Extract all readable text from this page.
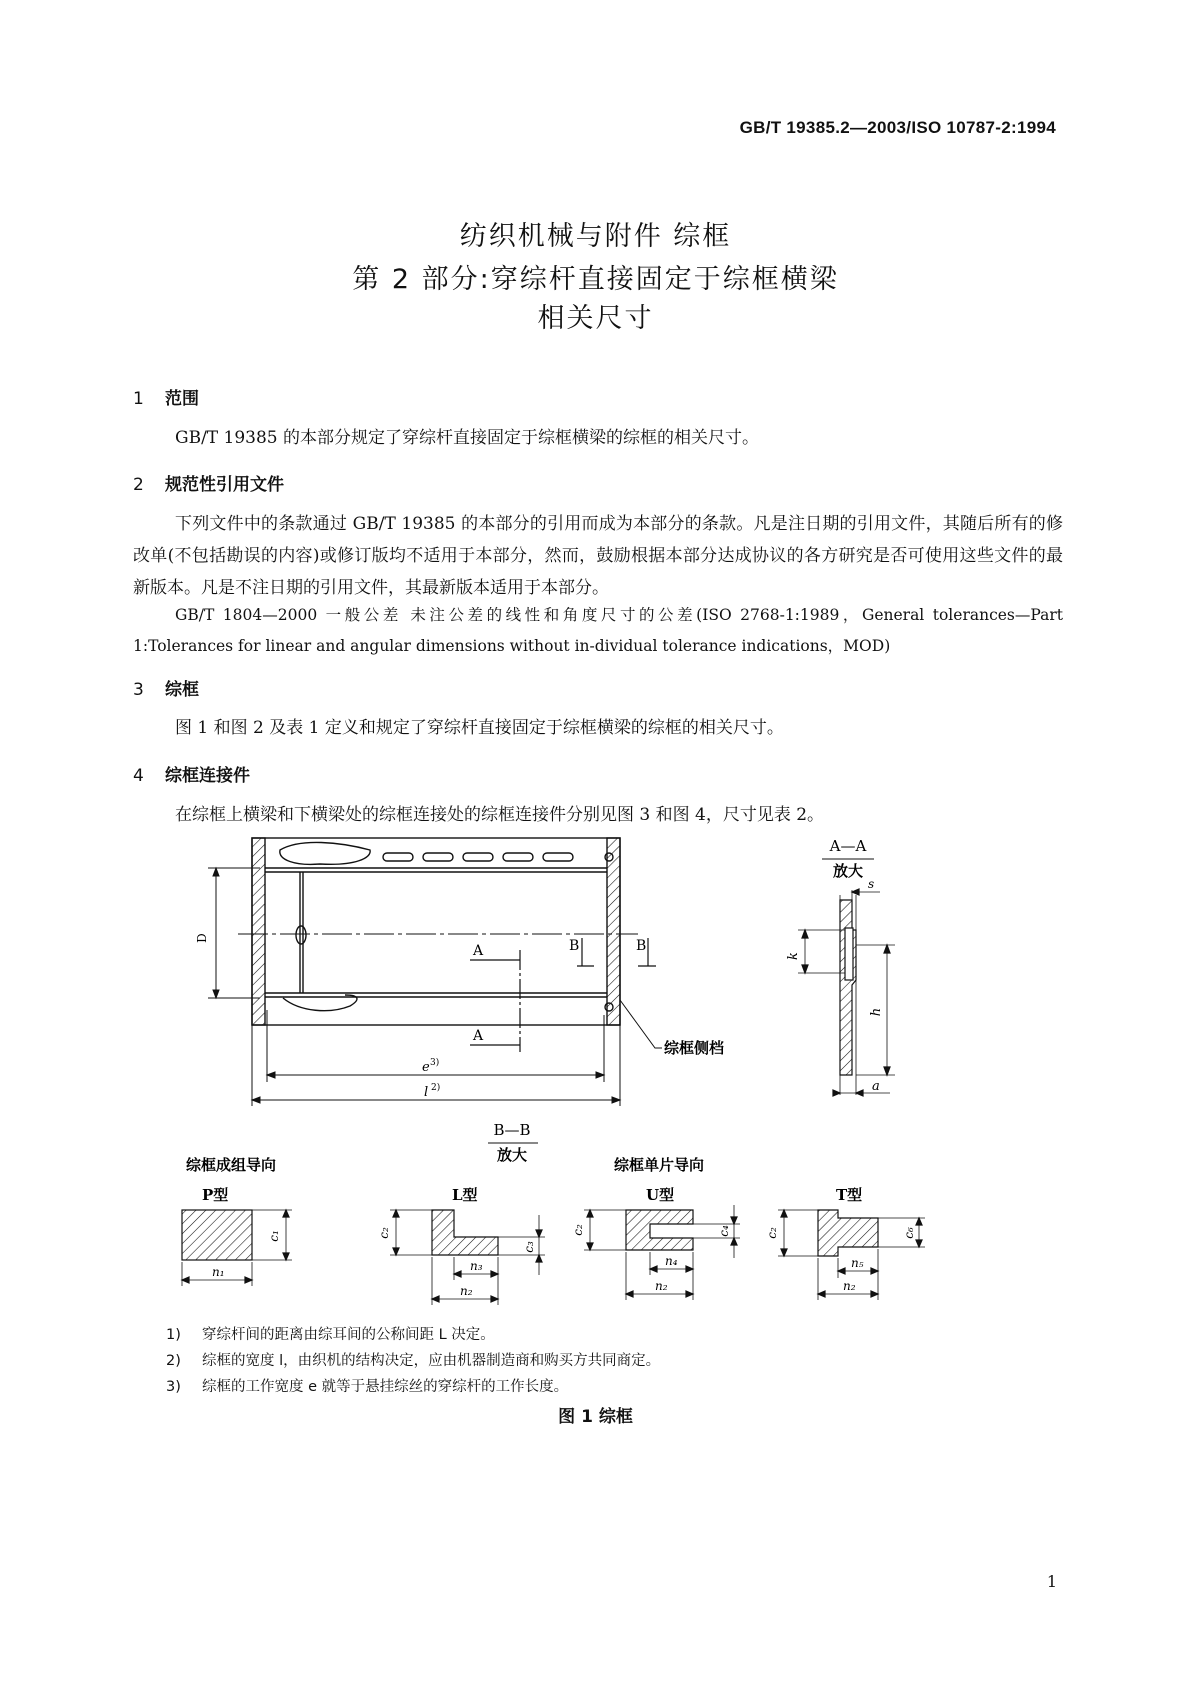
GB/T 19385.2—2003/ISO 10787-2:1994
纺织机械与附件 综框
第 2 部分:穿综杆直接固定于综框横梁
相关尺寸
1 范围
GB/T 19385 的本部分规定了穿综杆直接固定于综框横梁的综框的相关尺寸。
2 规范性引用文件
下列文件中的条款通过 GB/T 19385 的本部分的引用而成为本部分的条款。凡是注日期的引用文件，其随后所有的修改单(不包括勘误的内容)或修订版均不适用于本部分，然而，鼓励根据本部分达成协议的各方研究是否可使用这些文件的最新版本。凡是不注日期的引用文件，其最新版本适用于本部分。
GB/T 1804—2000 一般公差 未注公差的线性和角度尺寸的公差(ISO 2768-1:1989，General tolerances—Part 1:Tolerances for linear and angular dimensions without in-dividual tolerance indications，MOD)
3 综框
图 1 和图 2 及表 1 定义和规定了穿综杆直接固定于综框横梁的综框的相关尺寸。
4 综框连接件
在综框上横梁和下横梁处的综框连接处的综框连接件分别见图 3 和图 4，尺寸见表 2。
D
A
A
B	B
e 3)
l 2)
综框侧档
A—A
放大
s
k
h
a
B—B
放大
综框成组导向	综框单片导向
P型
c₁
n₁
L型
c₂
c₃
n₃
n₂
U型
c₂	c₄
n₄
n₂
T型
c₂	c₆
n₅
n₂
1) 穿综杆间的距离由综耳间的公称间距 L 决定。
2) 综框的宽度 l，由织机的结构决定，应由机器制造商和购买方共同商定。
3) 综框的工作宽度 e 就等于悬挂综丝的穿综杆的工作长度。
图 1 综框
1
